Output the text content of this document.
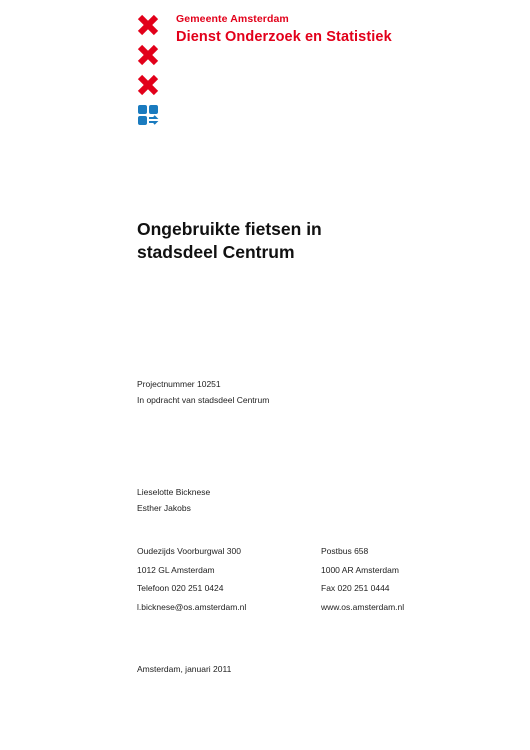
Gemeente Amsterdam
Dienst Onderzoek en Statistiek
Ongebruikte fietsen in
stadsdeel Centrum
Projectnummer 10251
In opdracht van stadsdeel Centrum
Lieselotte Bicknese
Esther Jakobs
Oudezijds Voorburgwal 300
1012 GL Amsterdam
Telefoon 020 251 0424
l.bicknese@os.amsterdam.nl
Postbus 658
1000 AR Amsterdam
Fax 020 251 0444
www.os.amsterdam.nl
Amsterdam, januari 2011
